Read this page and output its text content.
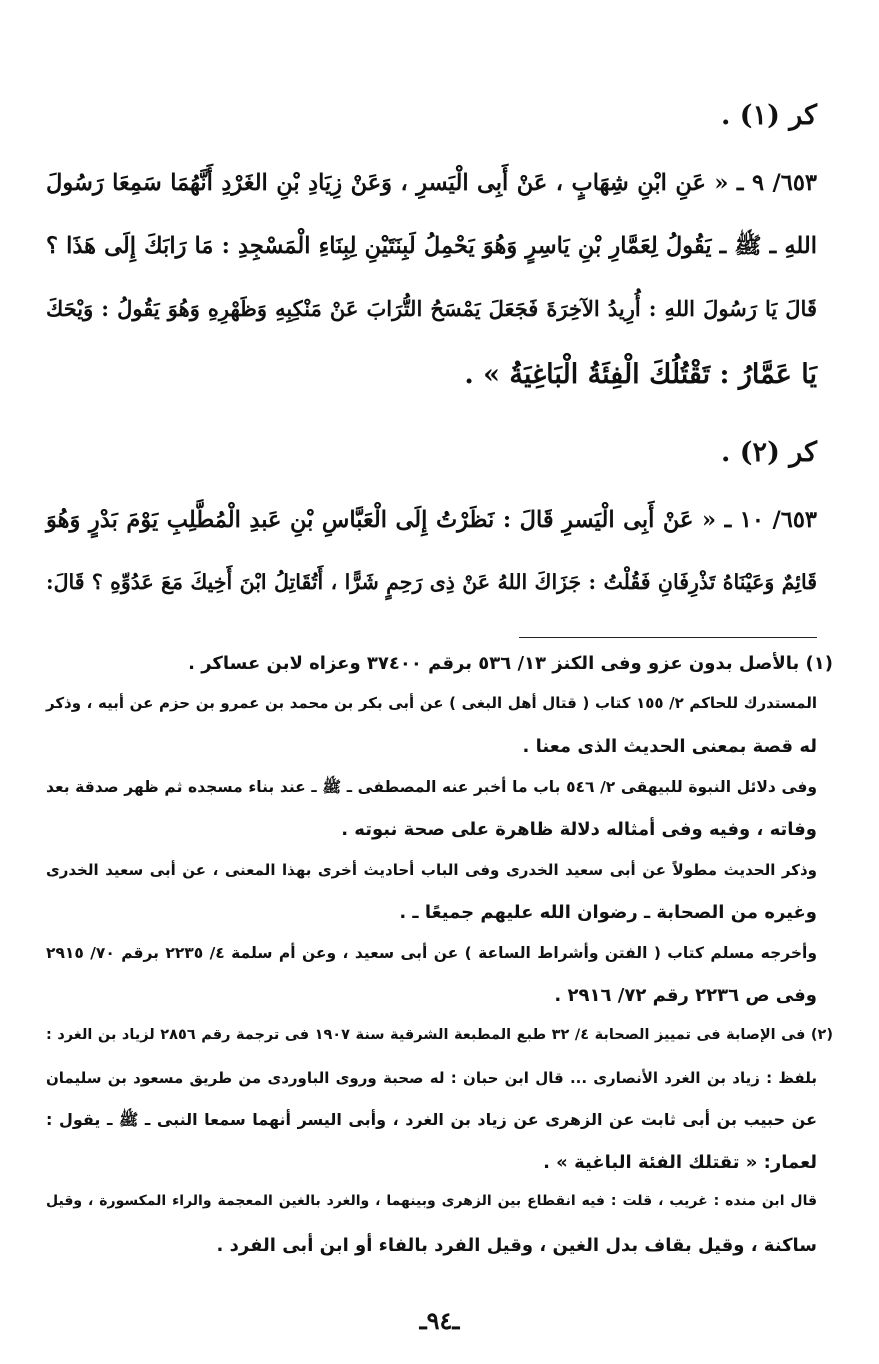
كر (١) .
٦٥٣/ ٩ ـ « عَنِ ابْنِ شِهَابٍ ، عَنْ أَبِى الْيَسرِ ، وَعَنْ زِيَادِ بْنِ الغَرْدِ أَنَّهُمَا سَمِعَا رَسُولَ
اللهِ ـ ﷺ ـ يَقُولُ لِعَمَّارِ بْنِ يَاسِرٍ وَهُوَ يَحْمِلُ لَبِنَتَيْنِ لِبِنَاءِ الْمَسْجِدِ : مَا رَابَكَ إِلَى هَذَا ؟
قَالَ يَا رَسُولَ اللهِ : أُرِيدُ الآخِرَةَ فَجَعَلَ يَمْسَحُ التُّرَابَ عَنْ مَنْكِبِهِ وَظَهْرِهِ وَهُوَ يَقُولُ : وَيْحَكَ
يَا عَمَّارُ : تَقْتُلُكَ الْفِئَةُ الْبَاغِيَةُ » .
كر (٢) .
٦٥٣/ ١٠ ـ « عَنْ أَبِى الْيَسرِ قَالَ : نَظَرْتُ إِلَى الْعَبَّاسِ بْنِ عَبدِ الْمُطَّلِبِ يَوْمَ بَدْرٍ وَهُوَ
قَائِمٌ وَعَيْنَاهُ تَذْرِفَانِ فَقُلْتُ : جَزَاكَ اللهُ عَنْ ذِى رَحِمٍ شَرًّا ، أَتُقَاتِلُ ابْنَ أَخِيكَ مَعَ عَدُوِّهِ ؟ قَالَ:
(١) بالأصل بدون عزو وفى الكنز ١٣/ ٥٣٦ برقم ٣٧٤٠٠ وعزاه لابن عساكر .
المستدرك للحاكم ٢/ ١٥٥ كتاب ( قتال أهل البغى ) عن أبى بكر بن محمد بن عمرو بن حزم عن أبيه ، وذكر
له قصة بمعنى الحديث الذى معنا .
وفى دلائل النبوة للبيهقى ٢/ ٥٤٦ باب ما أخبر عنه المصطفى ـ ﷺ ـ عند بناء مسجده ثم ظهر صدقة بعد
وفاته ، وفيه وفى أمثاله دلالة ظاهرة على صحة نبوته .
وذكر الحديث مطولاً عن أبى سعيد الخدرى وفى الباب أحاديث أخرى بهذا المعنى ، عن أبى سعيد الخدرى
وغيره من الصحابة ـ رضوان الله عليهم جميعًا ـ .
وأخرجه مسلم كتاب ( الفتن وأشراط الساعة ) عن أبى سعيد ، وعن أم سلمة ٤/ ٢٢٣٥ برقم ٧٠/ ٢٩١٥
وفى ص ٢٢٣٦ رقم ٧٢/ ٢٩١٦ .
(٢) فى الإصابة فى تمييز الصحابة ٤/ ٣٢ طبع المطبعة الشرقية سنة ١٩٠٧ فى ترجمة رقم ٢٨٥٦ لزياد بن الغرد :
بلفظ : زياد بن الغرد الأنصارى ... قال ابن حبان : له صحبة وروى الباوردى من طريق مسعود بن سليمان
عن حبيب بن أبى ثابت عن الزهرى عن زياد بن الغرد ، وأبى اليسر أنهما سمعا النبى ـ ﷺ ـ يقول :
لعمار: « تقتلك الفئة الباغية » .
قال ابن منده : غريب ، قلت : فيه انقطاع بين الزهرى وبينهما ، والغرد بالغين المعجمة والراء المكسورة ، وقيل
ساكنة ، وقيل بقاف بدل الغين ، وقيل الفرد بالفاء أو ابن أبى الفرد .
ـ٩٤ـ
